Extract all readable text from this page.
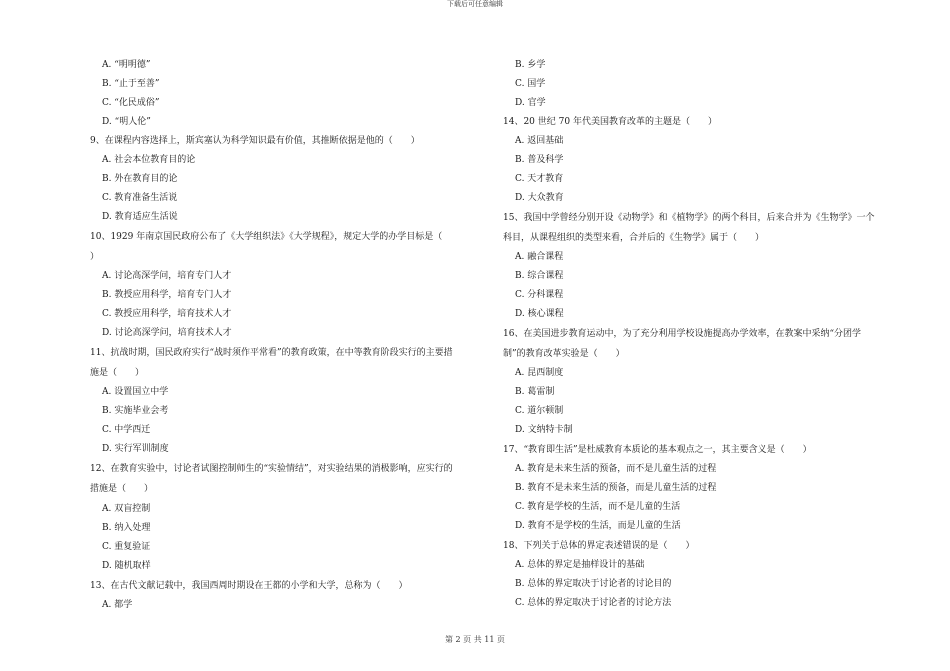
下载后可任意编辑
A. “明明德”
B. “止于至善”
C. “化民成俗”
D. “明人伦”
9、在课程内容选择上，斯宾塞认为科学知识最有价值，其推断依据是他的（　　）
A. 社会本位教育目的论
B. 外在教育目的论
C. 教育准备生活说
D. 教育适应生活说
10、1929 年南京国民政府公布了《大学组织法》《大学规程》，规定大学的办学目标是（
）
A. 讨论高深学问，培育专门人才
B. 教授应用科学，培育专门人才
C. 教授应用科学，培育技术人才
D. 讨论高深学问，培育技术人才
11、抗战时期，国民政府实行“战时须作平常看”的教育政策，在中等教育阶段实行的主要措
施是（　　）
A. 设置国立中学
B. 实施毕业会考
C. 中学西迁
D. 实行军训制度
12、在教育实验中，讨论者试图控制师生的“实验情结”，对实验结果的消极影响，应实行的
措施是（　　）
A. 双盲控制
B. 纳入处理
C. 重复验证
D. 随机取样
13、在古代文献记载中，我国西周时期设在王都的小学和大学，总称为（　　）
A. 都学
B. 乡学
C. 国学
D. 官学
14、20 世纪 70 年代美国教育改革的主题是（　　）
A. 返回基础
B. 普及科学
C. 天才教育
D. 大众教育
15、我国中学曾经分别开设《动物学》和《植物学》的两个科目，后来合并为《生物学》一个
科目，从课程组织的类型来看，合并后的《生物学》属于（　　）
A. 融合课程
B. 综合课程
C. 分科课程
D. 核心课程
16、在美国进步教育运动中，为了充分利用学校设施提高办学效率，在教案中采纳“分团学
制”的教育改革实验是（　　）
A. 昆西制度
B. 葛雷制
C. 道尔顿制
D. 文纳特卡制
17、“教育即生活”是杜威教育本质论的基本观点之一，其主要含义是（　　）
A. 教育是未来生活的预备，而不是儿童生活的过程
B. 教育不是未来生活的预备，而是儿童生活的过程
C. 教育是学校的生活，而不是儿童的生活
D. 教育不是学校的生活，而是儿童的生活
18、下列关于总体的界定表述错误的是（　　）
A. 总体的界定是抽样设计的基础
B. 总体的界定取决于讨论者的讨论目的
C. 总体的界定取决于讨论者的讨论方法
第 2 页 共 11 页
